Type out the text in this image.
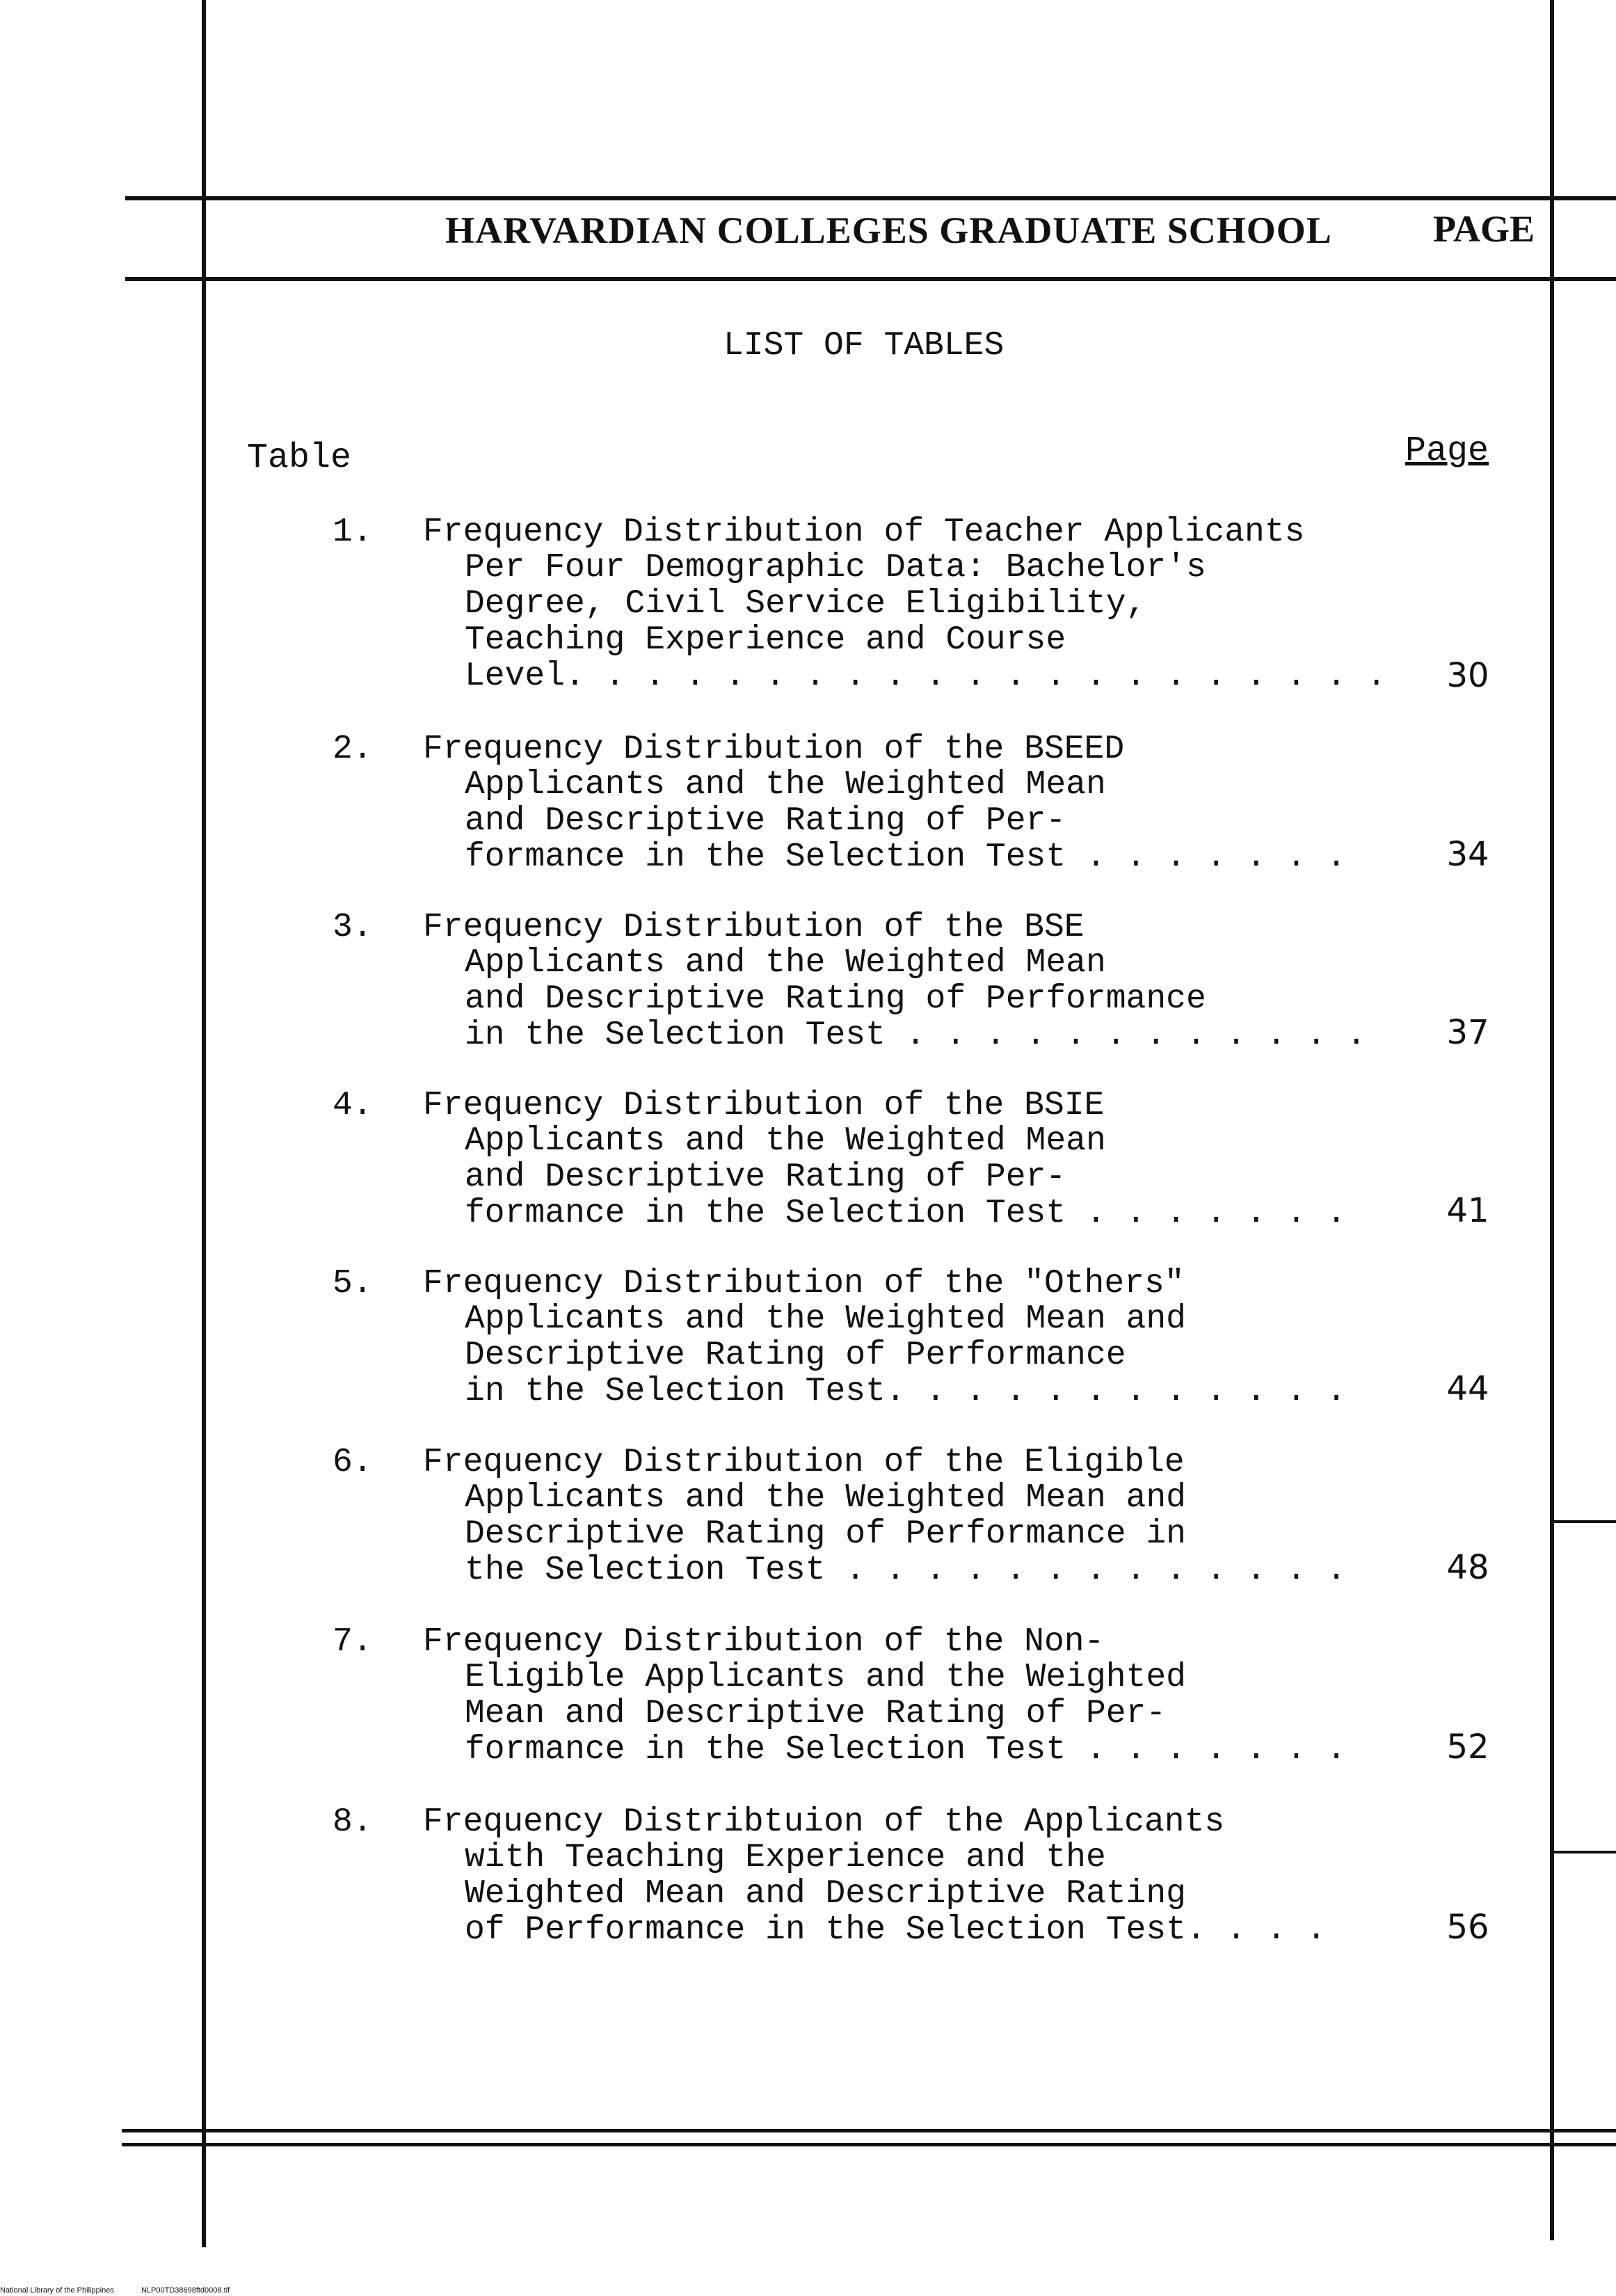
HARVARDIAN COLLEGES GRADUATE SCHOOL	PAGE
LIST OF TABLES
Table	Page
1. Frequency Distribution of Teacher Applicants
Per Four Demographic Data: Bachelor's
Degree, Civil Service Eligibility,
Teaching Experience and Course
Level. . . . . . . . . . . . . . . . . . . . .	30
2. Frequency Distribution of the BSEED
Applicants and the Weighted Mean
and Descriptive Rating of Per-
formance in the Selection Test . . . . . . .	34
3. Frequency Distribution of the BSE
Applicants and the Weighted Mean
and Descriptive Rating of Performance
in the Selection Test . . . . . . . . . . . .	37
4. Frequency Distribution of the BSIE
Applicants and the Weighted Mean
and Descriptive Rating of Per-
formance in the Selection Test . . . . . . .	41
5. Frequency Distribution of the "Others"
Applicants and the Weighted Mean and
Descriptive Rating of Performance
in the Selection Test. . . . . . . . . . . .	44
6. Frequency Distribution of the Eligible
Applicants and the Weighted Mean and
Descriptive Rating of Performance in
the Selection Test . . . . . . . . . . . . .	48
7. Frequency Distribution of the Non-
Eligible Applicants and the Weighted
Mean and Descriptive Rating of Per-
formance in the Selection Test . . . . . . .	52
8. Frequency Distribtuion of the Applicants
with Teaching Experience and the
Weighted Mean and Descriptive Rating
of Performance in the Selection Test. . . .	56
National Library of the Philippines	NLP00TD38698ftd0008.tif
